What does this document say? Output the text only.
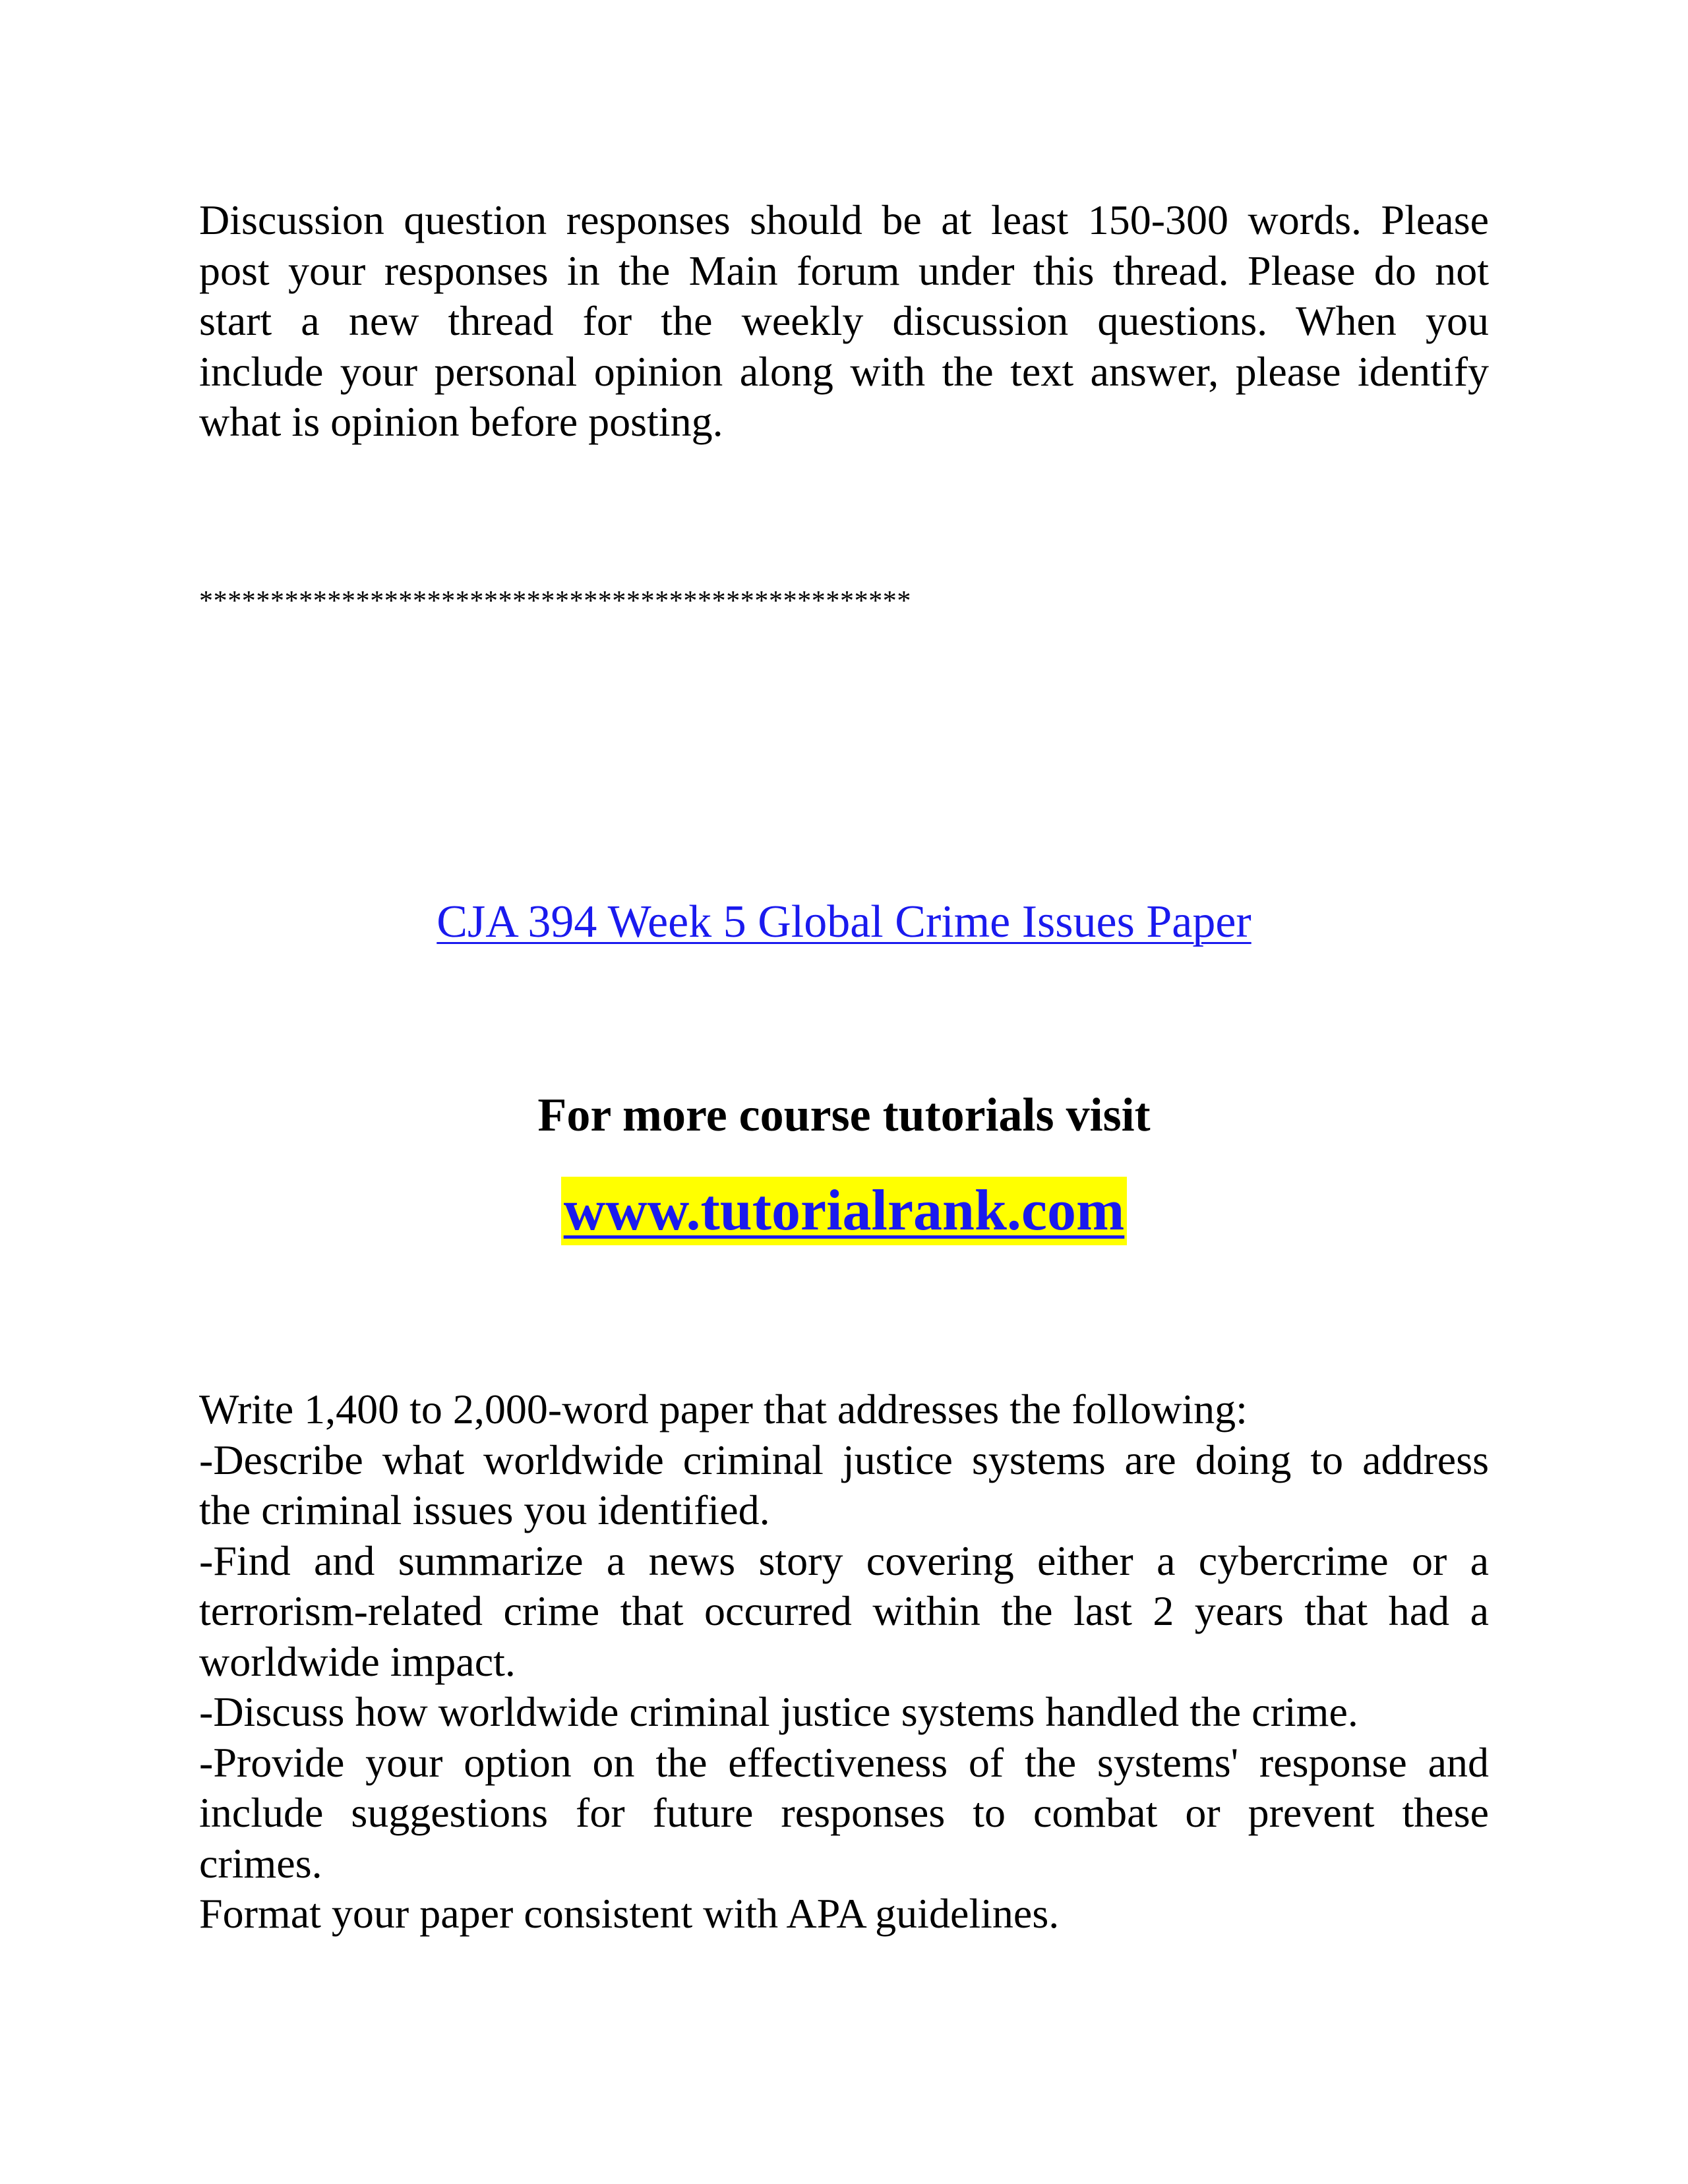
Discussion question responses should be at least 150-300 words. Please
post your responses in the Main forum under this thread. Please do not
start a new thread for the weekly discussion questions. When you
include your personal opinion along with the text answer, please identify
what is opinion before posting.

**************************************************

CJA 394 Week 5 Global Crime Issues Paper

For more course tutorials visit

www.tutorialrank.com
Write 1,400 to 2,000-word paper that addresses the following:
-Describe what worldwide criminal justice systems are doing to address
the criminal issues you identified.
-Find and summarize a news story covering either a cybercrime or a
terrorism-related crime that occurred within the last 2 years that had a
worldwide impact.
-Discuss how worldwide criminal justice systems handled the crime.
-Provide your option on the effectiveness of the systems' response and
include suggestions for future responses to combat or prevent these
crimes.
Format your paper consistent with APA guidelines.
